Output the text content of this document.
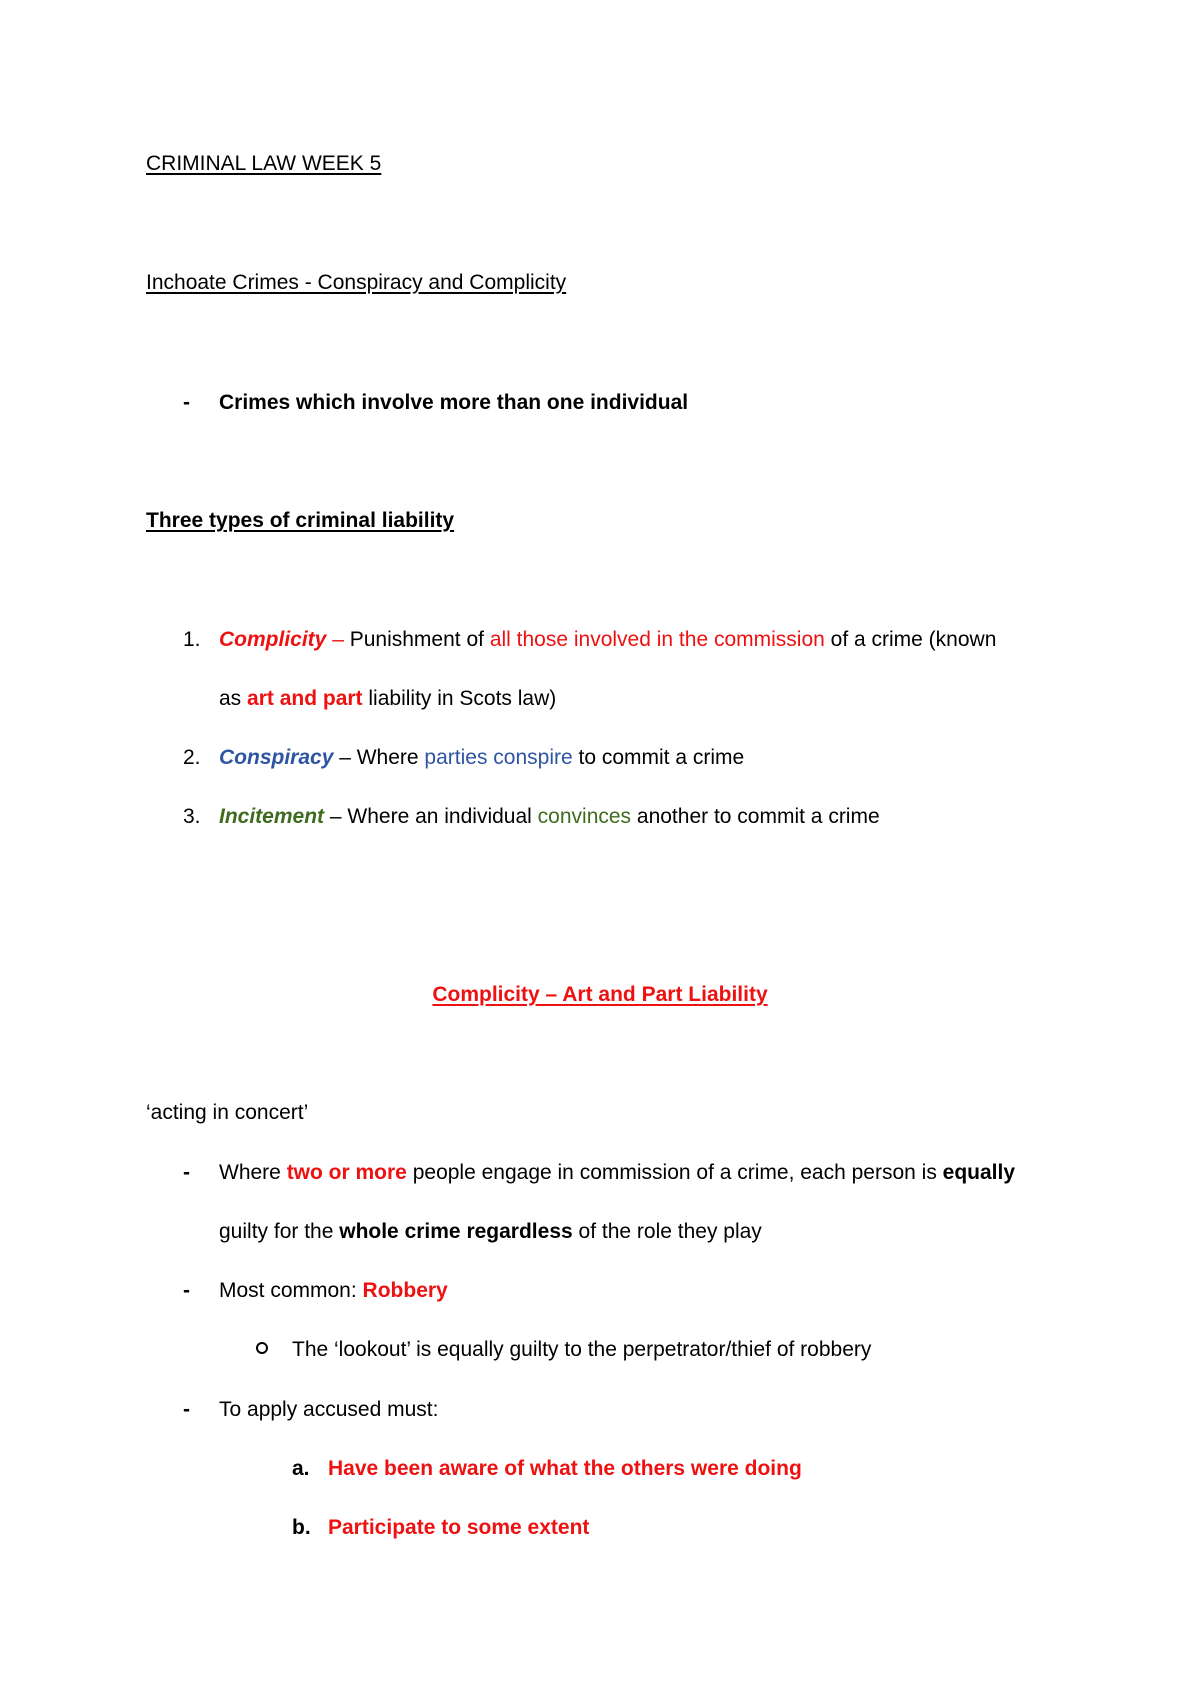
CRIMINAL LAW WEEK 5
Inchoate Crimes - Conspiracy and Complicity
- Crimes which involve more than one individual
Three types of criminal liability
1. Complicity – Punishment of all those involved in the commission of a crime (known
as art and part liability in Scots law)
2. Conspiracy – Where parties conspire to commit a crime
3. Incitement – Where an individual convinces another to commit a crime
Complicity – Art and Part Liability
‘acting in concert’
- Where two or more people engage in commission of a crime, each person is equally
guilty for the whole crime regardless of the role they play
- Most common: Robbery
The ‘lookout’ is equally guilty to the perpetrator/thief of robbery
- To apply accused must:
a. Have been aware of what the others were doing
b. Participate to some extent
